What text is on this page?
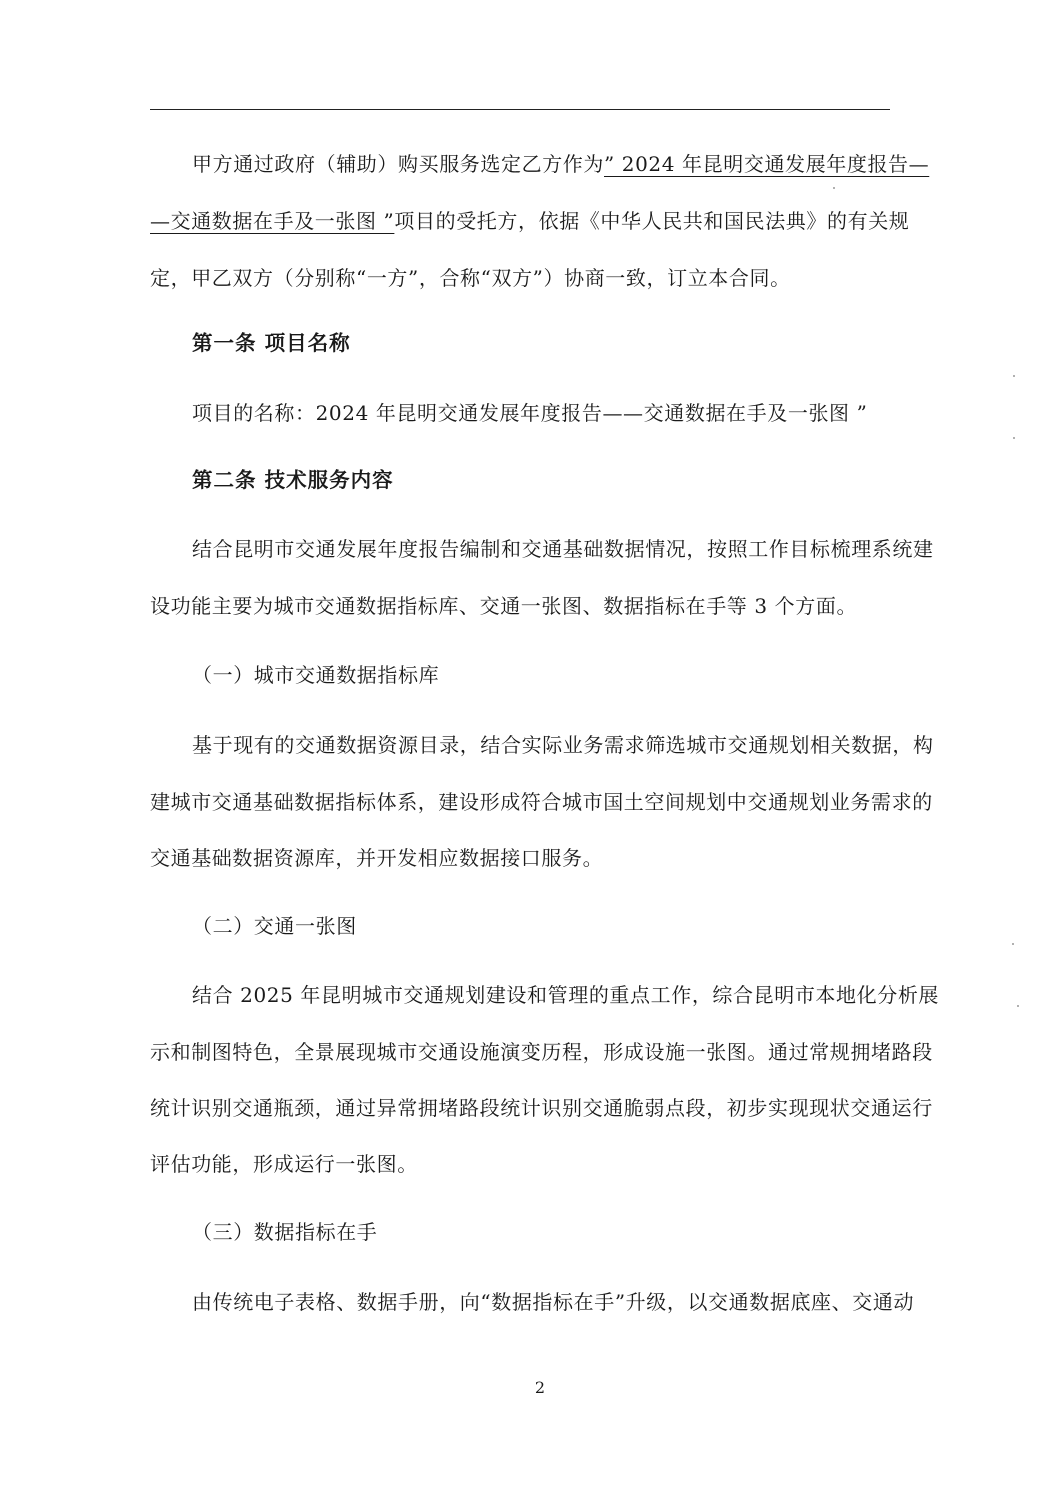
甲方通过政府（辅助）购买服务选定乙方作为” 2024 年昆明交通发展年度报告—
—交通数据在手及一张图 ”项目的受托方，依据《中华人民共和国民法典》的有关规
定，甲乙双方（分别称“一方”，合称“双方”）协商一致，订立本合同。
第一条 项目名称
项目的名称：2024 年昆明交通发展年度报告——交通数据在手及一张图 ”
第二条 技术服务内容
结合昆明市交通发展年度报告编制和交通基础数据情况，按照工作目标梳理系统建
设功能主要为城市交通数据指标库、交通一张图、数据指标在手等 3 个方面。
（一）城市交通数据指标库
基于现有的交通数据资源目录，结合实际业务需求筛选城市交通规划相关数据，构
建城市交通基础数据指标体系，建设形成符合城市国土空间规划中交通规划业务需求的
交通基础数据资源库，并开发相应数据接口服务。
（二）交通一张图
结合 2025 年昆明城市交通规划建设和管理的重点工作，综合昆明市本地化分析展
示和制图特色，全景展现城市交通设施演变历程，形成设施一张图。通过常规拥堵路段
统计识别交通瓶颈，通过异常拥堵路段统计识别交通脆弱点段，初步实现现状交通运行
评估功能，形成运行一张图。
（三）数据指标在手
由传统电子表格、数据手册，向“数据指标在手”升级，以交通数据底座、交通动
2
